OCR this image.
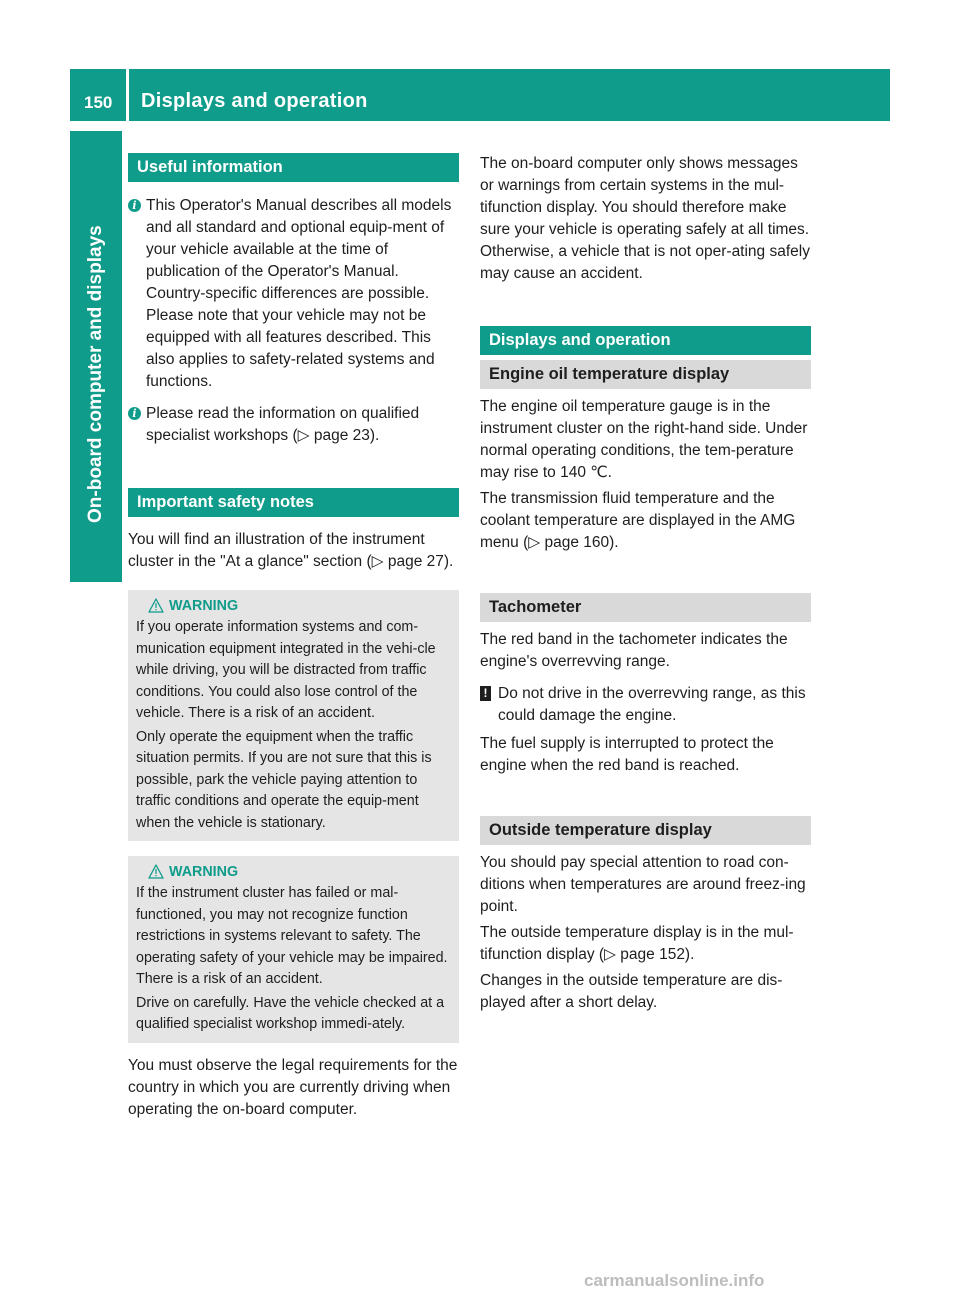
150 Displays and operation
On-board computer and displays
Useful information
i This Operator's Manual describes all models and all standard and optional equip-ment of your vehicle available at the time of publication of the Operator's Manual. Country-specific differences are possible. Please note that your vehicle may not be equipped with all features described. This also applies to safety-related systems and functions.

i Please read the information on qualified specialist workshops (▷ page 23).

Important safety notes

You will find an illustration of the instrument cluster in the "At a glance" section (▷ page 27).

WARNING

If you operate information systems and com-munication equipment integrated in the vehi-cle while driving, you will be distracted from traffic conditions. You could also lose control of the vehicle. There is a risk of an accident.

Only operate the equipment when the traffic situation permits. If you are not sure that this is possible, park the vehicle paying attention to traffic conditions and operate the equip-ment when the vehicle is stationary.

WARNING

If the instrument cluster has failed or mal-functioned, you may not recognize function restrictions in systems relevant to safety. The operating safety of your vehicle may be impaired. There is a risk of an accident.

Drive on carefully. Have the vehicle checked at a qualified specialist workshop immedi-ately.

You must observe the legal requirements for the country in which you are currently driving when operating the on-board computer.

The on-board computer only shows messages or warnings from certain systems in the mul-tifunction display. You should therefore make sure your vehicle is operating safely at all times. Otherwise, a vehicle that is not oper-ating safely may cause an accident.

Displays and operation
Engine oil temperature display

The engine oil temperature gauge is in the instrument cluster on the right-hand side. Under normal operating conditions, the tem-perature may rise to 140 ℃.

The transmission fluid temperature and the coolant temperature are displayed in the AMG menu (▷ page 160).

Tachometer

The red band in the tachometer indicates the engine's overrevving range.

! Do not drive in the overrevving range, as this could damage the engine.

The fuel supply is interrupted to protect the engine when the red band is reached.

Outside temperature display

You should pay special attention to road con-ditions when temperatures are around freez-ing point.

The outside temperature display is in the mul-tifunction display (▷ page 152).

Changes in the outside temperature are dis-played after a short delay.

carmanualsonline.info
